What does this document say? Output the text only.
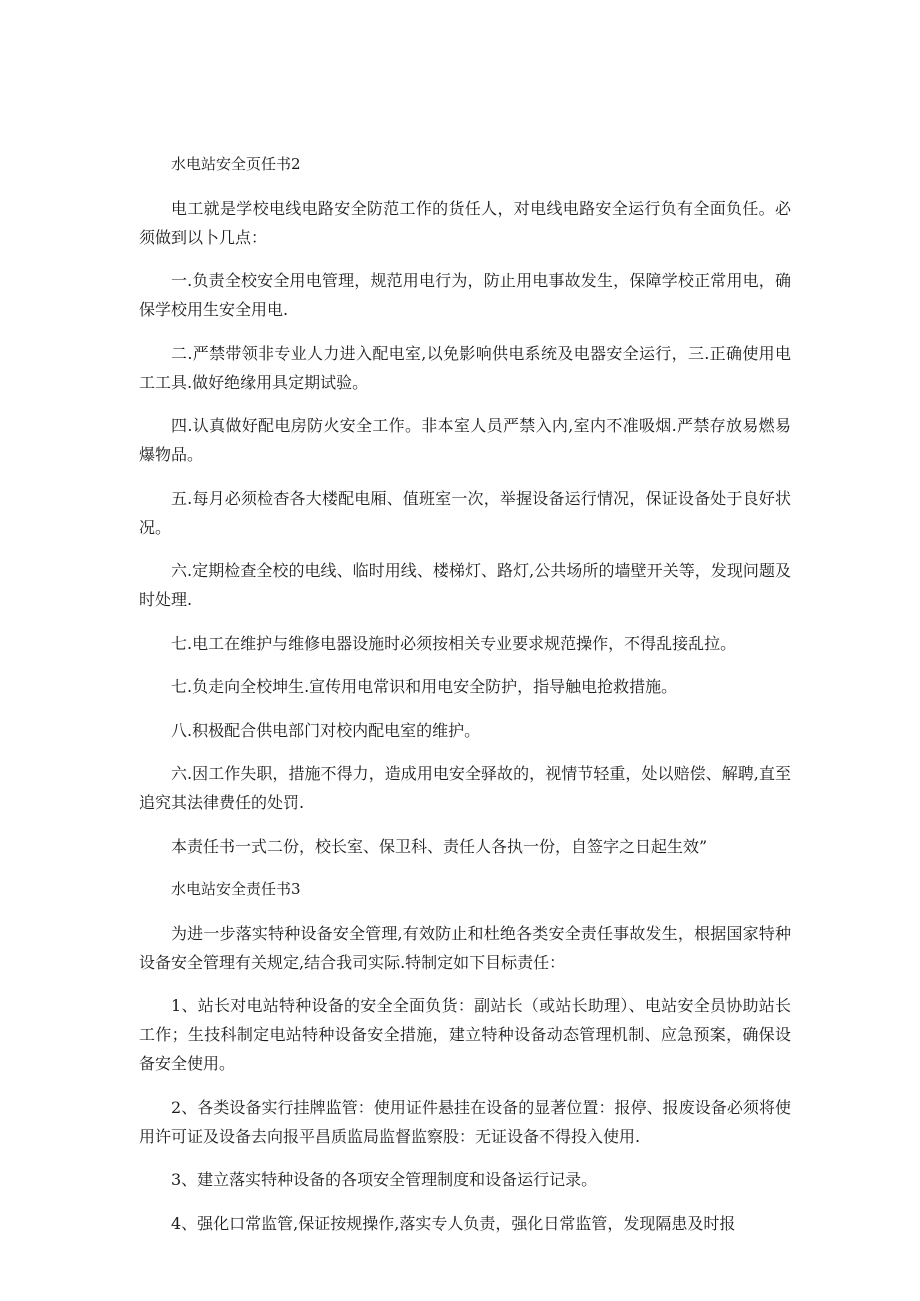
水电站安全页任书2

电工就是学校电线电路安全防范工作的货任人，对电线电路安全运行负有全面负任。必须做到以卜几点：

一.负责全校安全用电管理，规范用电行为，防止用电事故发生，保障学校正常用电，确保学校用生安全用电.

二.严禁带领非专业人力进入配电室,以免影响供电系统及电器安全运行，三.正确使用电工工具.做好绝缘用具定期试验。

四.认真做好配电房防火安全工作。非本室人员严禁入内,室内不准吸烟.严禁存放易燃易爆物品。

五.每月必须检杳各大楼配电厢、值班室一次，举握设备运行情况，保证设备处于良好状况。

六.定期检查全校的电线、临时用线、楼梯灯、路灯,公共场所的墙壁开关等，发现问题及时处理.

七.电工在维护与维修电器设施时必须按相关专业要求规范操作，不得乱接乱拉。

七.负走向全校坤生.宣传用电常识和用电安全防护，指导触电抢救措施。

八.积极配合供电部门对校内配电室的维护。

六.因工作失职，措施不得力，造成用电安全驿故的，视情节轻重，处以赔偿、解聘,直至追究其法律费任的处罚.

本责任书一式二份，校长室、保卫科、责任人各执一份，自签字之日起生效”

水电站安全责任书3

为进一步落实特种设备安全管理,有效防止和杜绝各类安全责任事故发生，根据国家特种设备安全管理有关规定,结合我司实际.特制定如下目标责任：

1、站长对电站特种设备的安全全面负货：副站长（或站长助理）、电站安全员协助站长工作；生技科制定电站特种设备安全措施，建立特种设备动态管理机制、应急预案，确保设备安全使用。

2、各类设备实行挂牌监管：使用证件悬挂在设备的显著位置：报停、报废设备必须将使用许可证及设备去向报平昌质监局监督监察股：无证设备不得投入使用.

3、建立落实特种设备的各项安全管理制度和设备运行记录。

4、强化口常监管,保证按规操作,落实专人负责，强化日常监管，发现隔患及时报
